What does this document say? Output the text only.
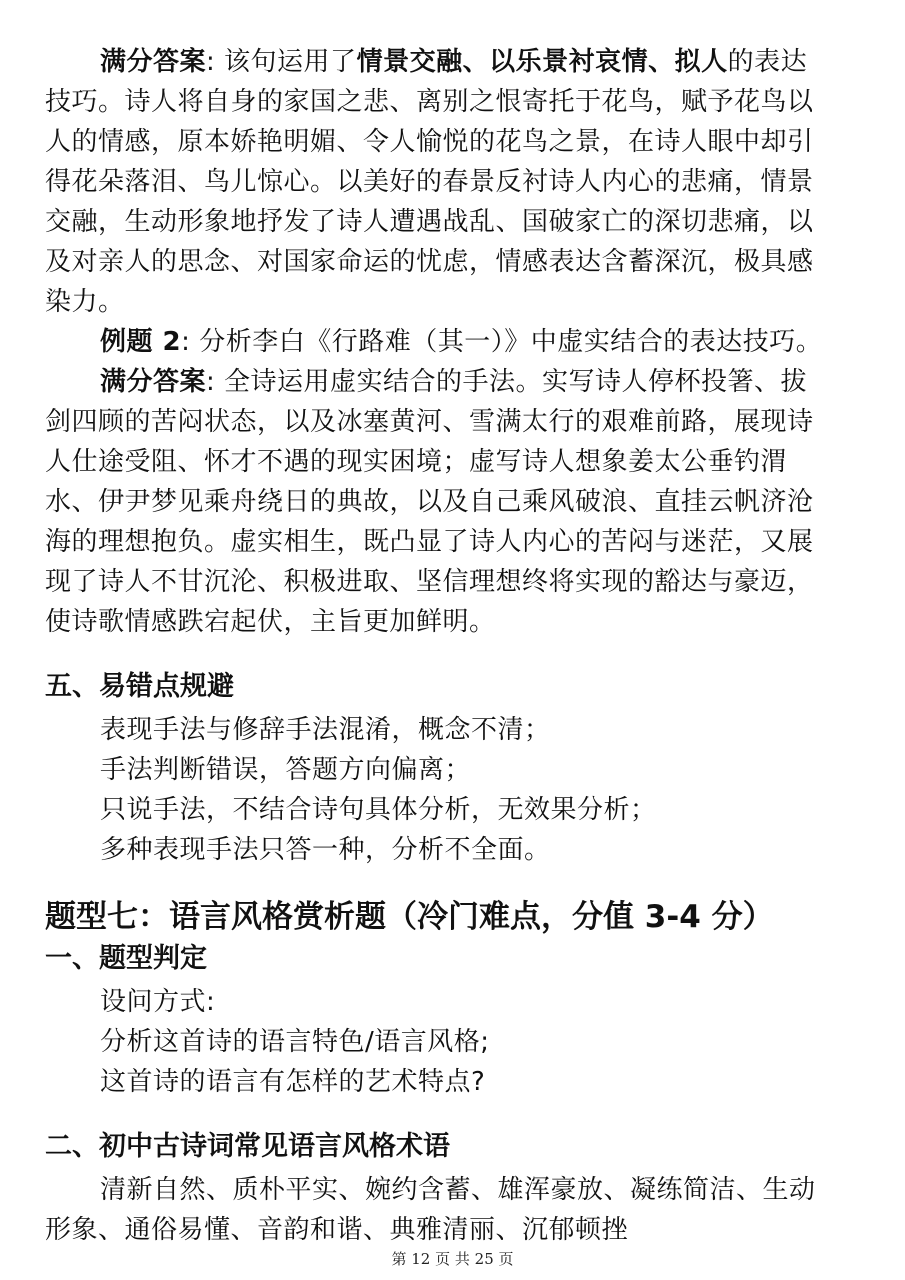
满分答案: 该句运用了情景交融、以乐景衬哀情、拟人的表达
技巧。诗人将自身的家国之悲、离别之恨寄托于花鸟，赋予花鸟以
人的情感，原本娇艳明媚、令人愉悦的花鸟之景，在诗人眼中却引
得花朵落泪、鸟儿惊心。以美好的春景反衬诗人内心的悲痛，情景
交融，生动形象地抒发了诗人遭遇战乱、国破家亡的深切悲痛，以
及对亲人的思念、对国家命运的忧虑，情感表达含蓄深沉，极具感
染力。
例题 2: 分析李白《行路难（其一）》中虚实结合的表达技巧。
满分答案: 全诗运用虚实结合的手法。实写诗人停杯投箸、拔
剑四顾的苦闷状态，以及冰塞黄河、雪满太行的艰难前路，展现诗
人仕途受阻、怀才不遇的现实困境；虚写诗人想象姜太公垂钓渭
水、伊尹梦见乘舟绕日的典故，以及自己乘风破浪、直挂云帆济沧
海的理想抱负。虚实相生，既凸显了诗人内心的苦闷与迷茫，又展
现了诗人不甘沉沦、积极进取、坚信理想终将实现的豁达与豪迈，
使诗歌情感跌宕起伏，主旨更加鲜明。
五、易错点规避
表现手法与修辞手法混淆，概念不清；
手法判断错误，答题方向偏离；
只说手法，不结合诗句具体分析，无效果分析；
多种表现手法只答一种，分析不全面。
题型七：语言风格赏析题（冷门难点，分值 3-4 分）
一、题型判定
设问方式:
分析这首诗的语言特色/语言风格;
这首诗的语言有怎样的艺术特点?
二、初中古诗词常见语言风格术语
清新自然、质朴平实、婉约含蓄、雄浑豪放、凝练简洁、生动
形象、通俗易懂、音韵和谐、典雅清丽、沉郁顿挫
第 12 页 共 25 页
